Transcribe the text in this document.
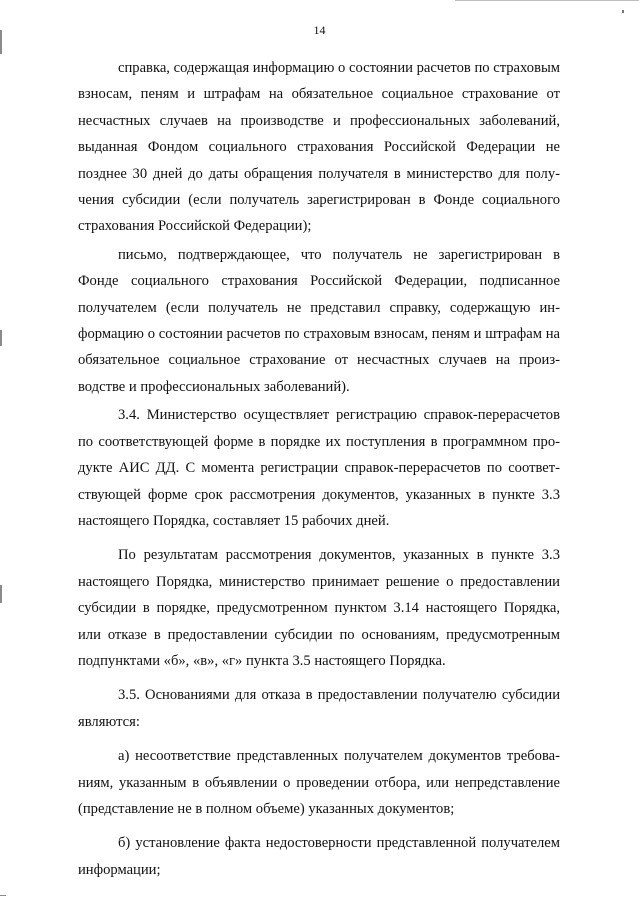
14

справка, содержащая информацию о состоянии расчетов по страховым взносам, пеням и штрафам на обязательное социальное страхование от несчастных случаев на производстве и профессиональных заболеваний, выданная Фондом социального страхования Российской Федерации не позднее 30 дней до даты обращения получателя в министерство для получения субсидии (если получатель зарегистрирован в Фонде социального страхования Российской Федерации);

письмо, подтверждающее, что получатель не зарегистрирован в Фонде социального страхования Российской Федерации, подписанное получателем (если получатель не представил справку, содержащую информацию о состоянии расчетов по страховым взносам, пеням и штрафам на обязательное социальное страхование от несчастных случаев на производстве и профессиональных заболеваний).

3.4. Министерство осуществляет регистрацию справок-перерасчетов по соответствующей форме в порядке их поступления в программном продукте АИС ДД. С момента регистрации справок-перерасчетов по соответствующей форме срок рассмотрения документов, указанных в пункте 3.3 настоящего Порядка, составляет 15 рабочих дней.

По результатам рассмотрения документов, указанных в пункте 3.3 настоящего Порядка, министерство принимает решение о предоставлении субсидии в порядке, предусмотренном пунктом 3.14 настоящего Порядка, или отказе в предоставлении субсидии по основаниям, предусмотренным подпунктами «б», «в», «г» пункта 3.5 настоящего Порядка.

3.5. Основаниями для отказа в предоставлении получателю субсидии являются:

а) несоответствие представленных получателем документов требованиям, указанным в объявлении о проведении отбора, или непредставление (представление не в полном объеме) указанных документов;

б) установление факта недостоверности представленной получателем информации;
